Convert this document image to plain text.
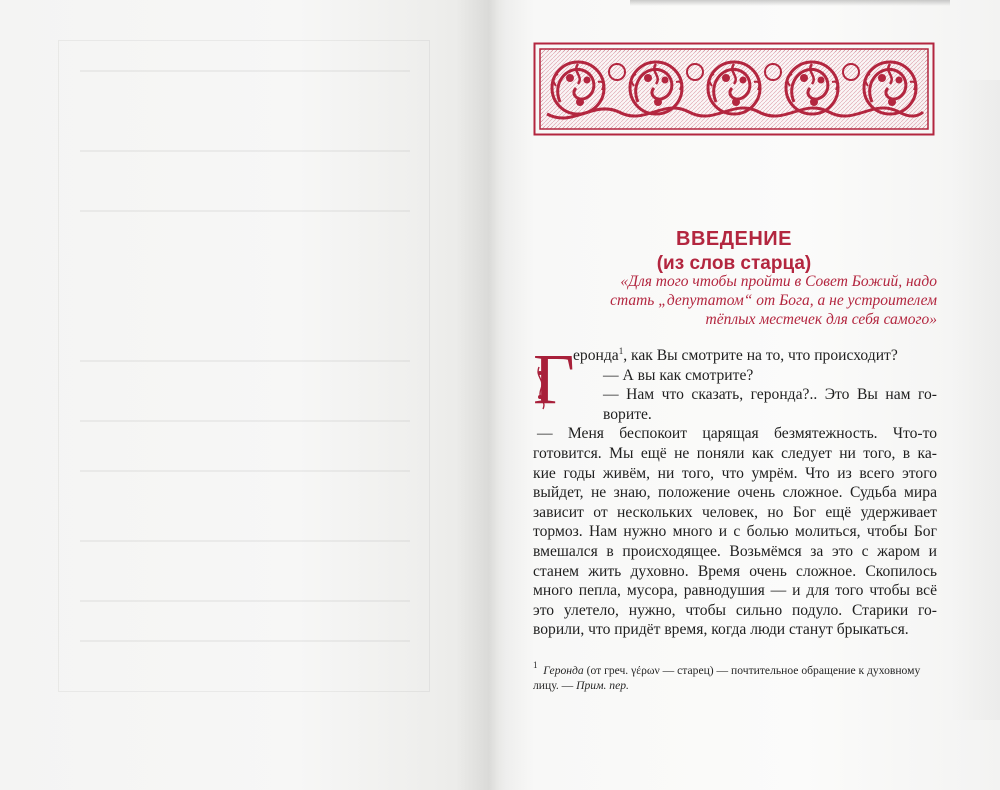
ВВЕДЕНИЕ
(из слов старца)
«Для того чтобы пройти в Совет Божий, надо
стать „депутатом“ от Бога, а не устроителем
тёплых местечек для себя самого»
Г
еронда$^1$, как Вы смотрите на то, что происходит?
— А вы как смотрите?
— Нам что сказать, геронда?.. Это Вы нам го-
ворите.
— Меня беспокоит царящая безмятежность. Что-то
готовится. Мы ещё не поняли как следует ни того, в ка-
кие годы живём, ни того, что умрём. Что из всего этого
выйдет, не знаю, положение очень сложное. Судьба мира
зависит от нескольких человек, но Бог ещё удерживает
тормоз. Нам нужно много и с болью молиться, чтобы Бог
вмешался в происходящее. Возьмёмся за это с жаром и
станем жить духовно. Время очень сложное. Скопилось
много пепла, мусора, равнодушия — и для того чтобы всё
это улетело, нужно, чтобы сильно подуло. Старики го-
ворили, что придёт время, когда люди станут брыкаться.
$^1$ Геронда (от греч. γέρων — старец) — почтительное обращение к духовному
лицу. — Прим. пер.
